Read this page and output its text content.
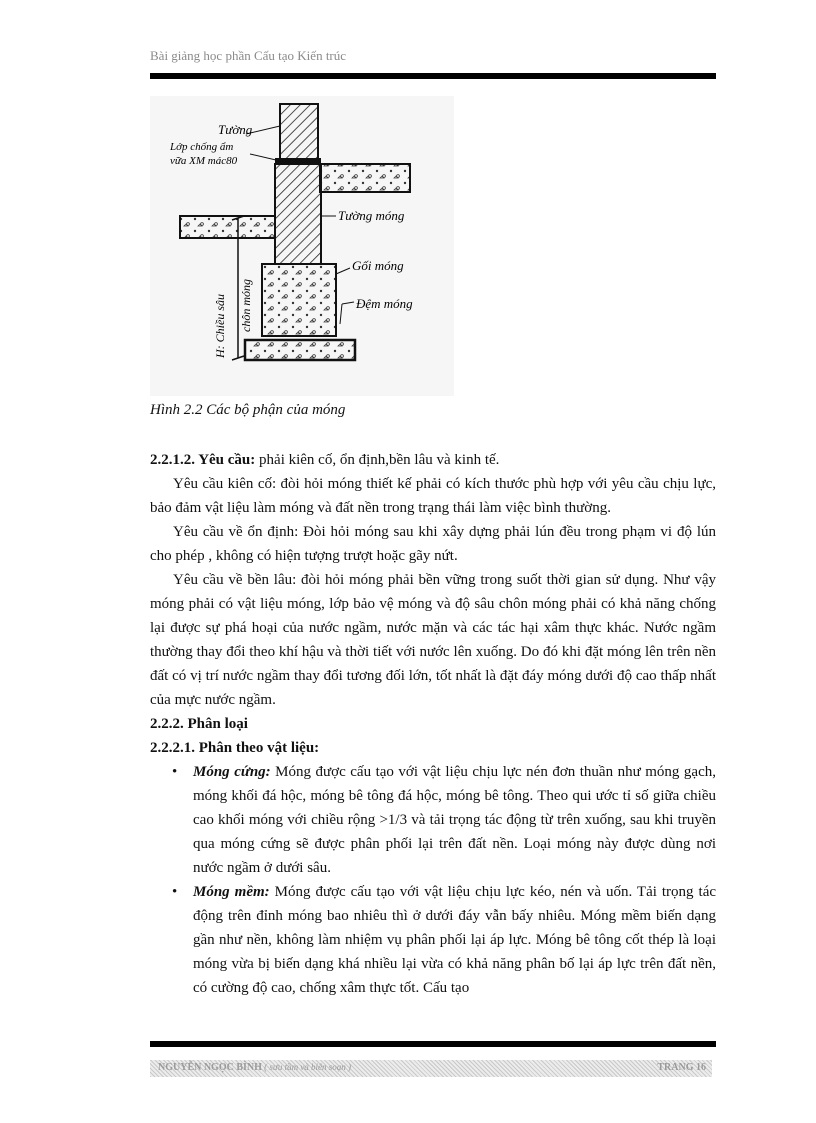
Bài giảng học phần Cấu tạo Kiến trúc
Tường
Lớp chống ẩm
vữa XM mác80
Tường móng
Gối móng
Đệm móng
H: Chiều sâu chôn móng
Hình 2.2 Các bộ phận của móng

2.2.1.2. Yêu cầu: phải kiên cố, ổn định,bền lâu và kinh tế.

Yêu cầu kiên cố: đòi hỏi móng thiết kế phải có kích thước phù hợp với yêu cầu chịu lực, bảo đảm vật liệu làm móng và đất nền trong trạng thái làm việc bình thường.

Yêu cầu về ổn định: Đòi hỏi móng sau khi xây dựng phải lún đều trong phạm vi độ lún cho phép , không có hiện tượng trượt hoặc gãy nứt.

Yêu cầu về bền lâu: đòi hỏi móng phải bền vững trong suốt thời gian sử dụng. Như vậy móng phải có vật liệu móng, lớp bảo vệ móng và độ sâu chôn móng phải có khả năng chống lại được sự phá hoại của nước ngầm, nước mặn và các tác hại xâm thực khác. Nước ngầm thường thay đổi theo khí hậu và thời tiết với nước lên xuống. Do đó khi đặt móng lên trên nền đất có vị trí nước ngầm thay đổi tương đối lớn, tốt nhất là đặt đáy móng dưới độ cao thấp nhất của mực nước ngầm.

2.2.2. Phân loại

2.2.2.1. Phân theo vật liệu:

• Móng cứng: Móng được cấu tạo với vật liệu chịu lực nén đơn thuần như móng gạch, móng khối đá hộc, móng bê tông đá hộc, móng bê tông. Theo qui ước tỉ số giữa chiều cao khối móng với chiều rộng >1/3 và tải trọng tác động từ trên xuống, sau khi truyền qua móng cứng sẽ được phân phối lại trên đất nền. Loại móng này được dùng nơi nước ngầm ở dưới sâu.
• Móng mềm: Móng được cấu tạo với vật liệu chịu lực kéo, nén và uốn. Tải trọng tác động trên đỉnh móng bao nhiêu thì ở dưới đáy vẫn bấy nhiêu. Móng mềm biến dạng gần như nền, không làm nhiệm vụ phân phối lại áp lực. Móng bê tông cốt thép là loại móng vừa bị biến dạng khá nhiều lại vừa có khả năng phân bố lại áp lực trên đất nền, có cường độ cao, chống xâm thực tốt. Cấu tạo
NGUYỄN NGỌC BÌNH ( sưu tầm và biên soạn )	TRANG 16
